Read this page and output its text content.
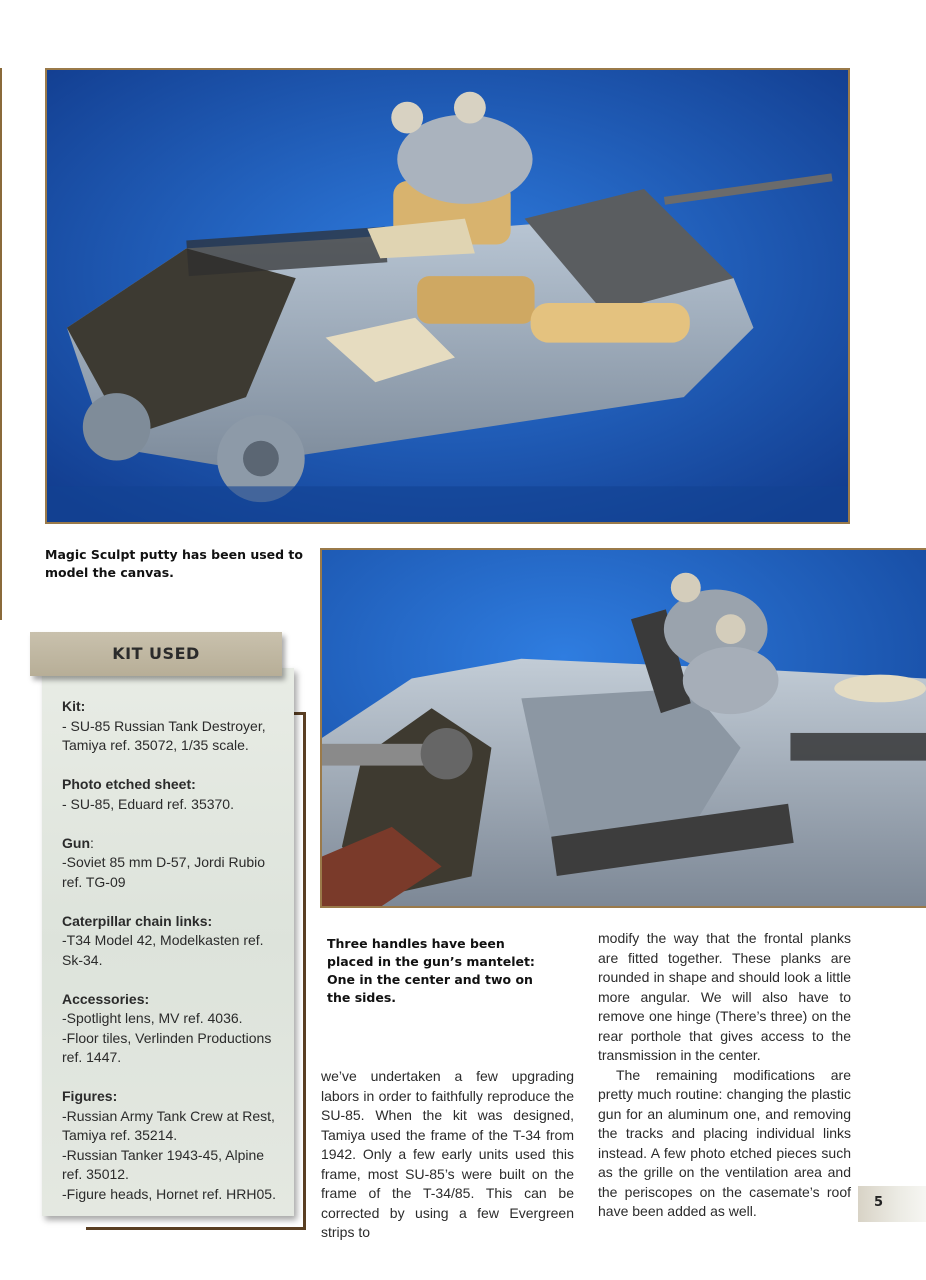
Magic Sculpt putty has been used to model the canvas.
Three handles have been placed in the gun’s mantelet: One in the center and two on the sides.
KIT USED
Kit:
- SU-85 Russian Tank Destroyer, Tamiya ref. 35072, 1/35 scale.
Photo etched sheet:
- SU-85, Eduard ref. 35370.
Gun:
-Soviet 85 mm D-57, Jordi Rubio ref. TG-09
Caterpillar chain links:
-T34 Model 42, Modelkasten ref. Sk-34.
Accessories:
-Spotlight lens, MV ref. 4036.
-Floor tiles, Verlinden Productions ref. 1447.
Figures:
-Russian Army Tank Crew at Rest, Tamiya ref. 35214.
-Russian Tanker 1943-45, Alpine ref. 35012.
-Figure heads, Hornet ref. HRH05.

we’ve undertaken a few upgrading labors in order to faithfully reproduce the SU-85. When the kit was designed, Tamiya used the frame of the T-34 from 1942. Only a few early units used this frame, most SU-85’s were built on the frame of the T-34/85. This can be corrected by using a few Evergreen strips to

modify the way that the frontal planks are fitted together. These planks are rounded in shape and should look a little more angular. We will also have to remove one hinge (There’s three) on the rear porthole that gives access to the transmission in the center.

The remaining modifications are pretty much routine: changing the plastic gun for an aluminum one, and removing the tracks and placing individual links instead. A few photo etched pieces such as the grille on the ventilation area and the periscopes on the casemate’s roof have been added as well.

5
